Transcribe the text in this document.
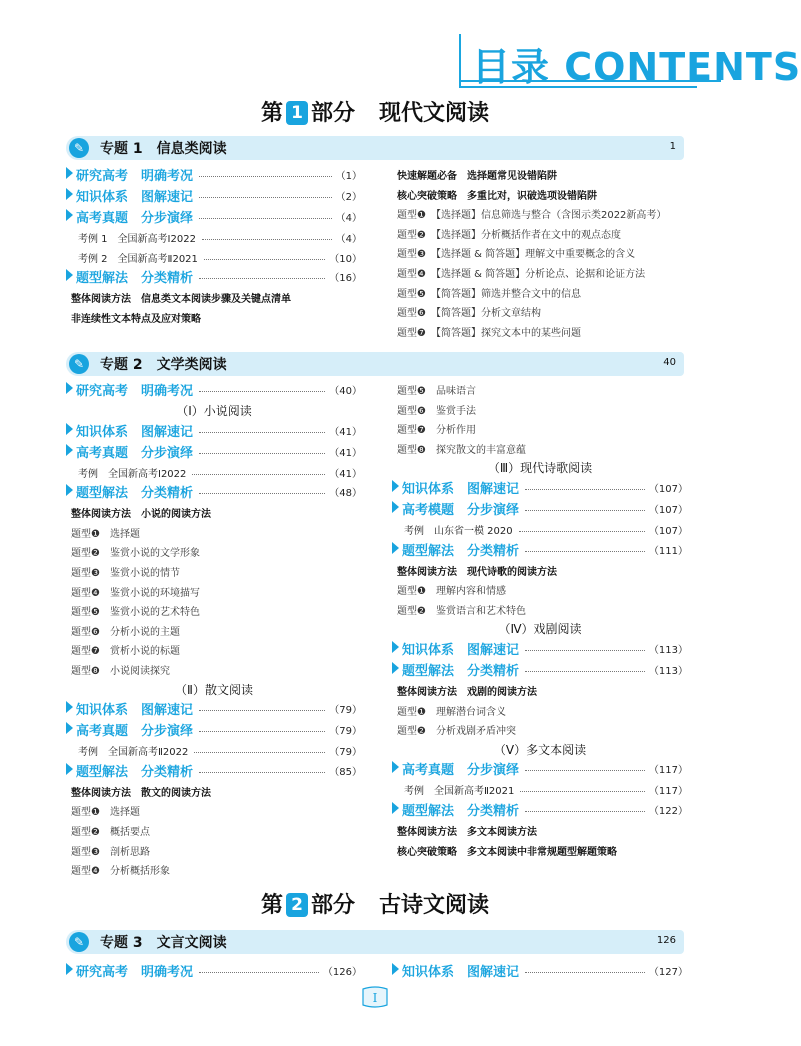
目录 CONTENTS
第 1 部分 现代文阅读
✎	专题 1　信息类阅读	1
研究高考　明确考况	（1）
知识体系　图解速记	（2）
高考真题　分步演绎	（4）
考例 1　全国新高考Ⅰ2022	（4）
考例 2　全国新高考Ⅱ2021	（10）
题型解法　分类精析	（16）
整体阅读方法　信息类文本阅读步骤及关键点清单
非连续性文本特点及应对策略
快速解题必备　选择题常见设错陷阱
核心突破策略　多重比对，识破选项设错陷阱
题型❶　【选择题】信息筛选与整合（含图示类2022新高考）
题型❷　【选择题】分析概括作者在文中的观点态度
题型❸　【选择题 & 简答题】理解文中重要概念的含义
题型❹　【选择题 & 简答题】分析论点、论据和论证方法
题型❺　【简答题】筛选并整合文中的信息
题型❻　【简答题】分析文章结构
题型❼　【简答题】探究文本中的某些问题
✎	专题 2　文学类阅读	40
研究高考　明确考况	（40）
（Ⅰ）小说阅读
知识体系　图解速记	（41）
高考真题　分步演绎	（41）
考例　全国新高考Ⅰ2022	（41）
题型解法　分类精析	（48）
整体阅读方法　小说的阅读方法
题型❶　选择题
题型❷　鉴赏小说的文学形象
题型❸　鉴赏小说的情节
题型❹　鉴赏小说的环境描写
题型❺　鉴赏小说的艺术特色
题型❻　分析小说的主题
题型❼　赏析小说的标题
题型❽　小说阅读探究
（Ⅱ）散文阅读
知识体系　图解速记	（79）
高考真题　分步演绎	（79）
考例　全国新高考Ⅱ2022	（79）
题型解法　分类精析	（85）
整体阅读方法　散文的阅读方法
题型❶　选择题
题型❷　概括要点
题型❸　剖析思路
题型❹　分析概括形象
题型❺　品味语言
题型❻　鉴赏手法
题型❼　分析作用
题型❽　探究散文的丰富意蕴
（Ⅲ）现代诗歌阅读
知识体系　图解速记	（107）
高考模题　分步演绎	（107）
考例　山东省一模 2020	（107）
题型解法　分类精析	（111）
整体阅读方法　现代诗歌的阅读方法
题型❶　理解内容和情感
题型❷　鉴赏语言和艺术特色
（Ⅳ）戏剧阅读
知识体系　图解速记	（113）
题型解法　分类精析	（113）
整体阅读方法　戏剧的阅读方法
题型❶　理解潜台词含义
题型❷　分析戏剧矛盾冲突
（Ⅴ）多文本阅读
高考真题　分步演绎	（117）
考例　全国新高考Ⅱ2021	（117）
题型解法　分类精析	（122）
整体阅读方法　多文本阅读方法
核心突破策略　多文本阅读中非常规题型解题策略
第 2 部分 古诗文阅读
✎	专题 3　文言文阅读	126
研究高考　明确考况	（126）	知识体系　图解速记	（127）
Ⅰ
